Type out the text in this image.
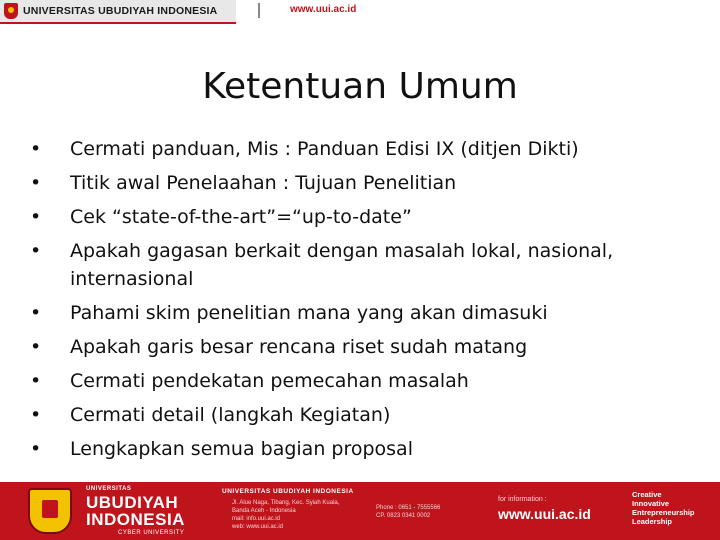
UNIVERSITAS UBUDIYAH INDONESIA	www.uui.ac.id
Ketentuan Umum
• Cermati panduan, Mis : Panduan Edisi IX (ditjen Dikti)
• Titik awal Penelaahan : Tujuan Penelitian
• Cek “state-of-the-art”=“up-to-date”
• Apakah gagasan berkait dengan masalah lokal, nasional, internasional
• Pahami skim penelitian mana yang akan dimasuki
• Apakah garis besar rencana riset sudah matang
• Cermati pendekatan pemecahan masalah
• Cermati detail (langkah Kegiatan)
• Lengkapkan semua bagian proposal
UNIVERSITAS
UBUDIYAH
INDONESIA
CYBER UNIVERSITY
UNIVERSITAS UBUDIYAH INDONESIA
Jl. Alue Naga, Tibang, Kec. Syiah Kuala,
Banda Aceh - Indonesia
mail: info.uui.ac.id
web: www.uui.ac.id
Phone : 0651 - 7555566
CP. 0823 0341 0002
for information :
www.uui.ac.id
Creative
Innovative
Entrepreneurship
Leadership
